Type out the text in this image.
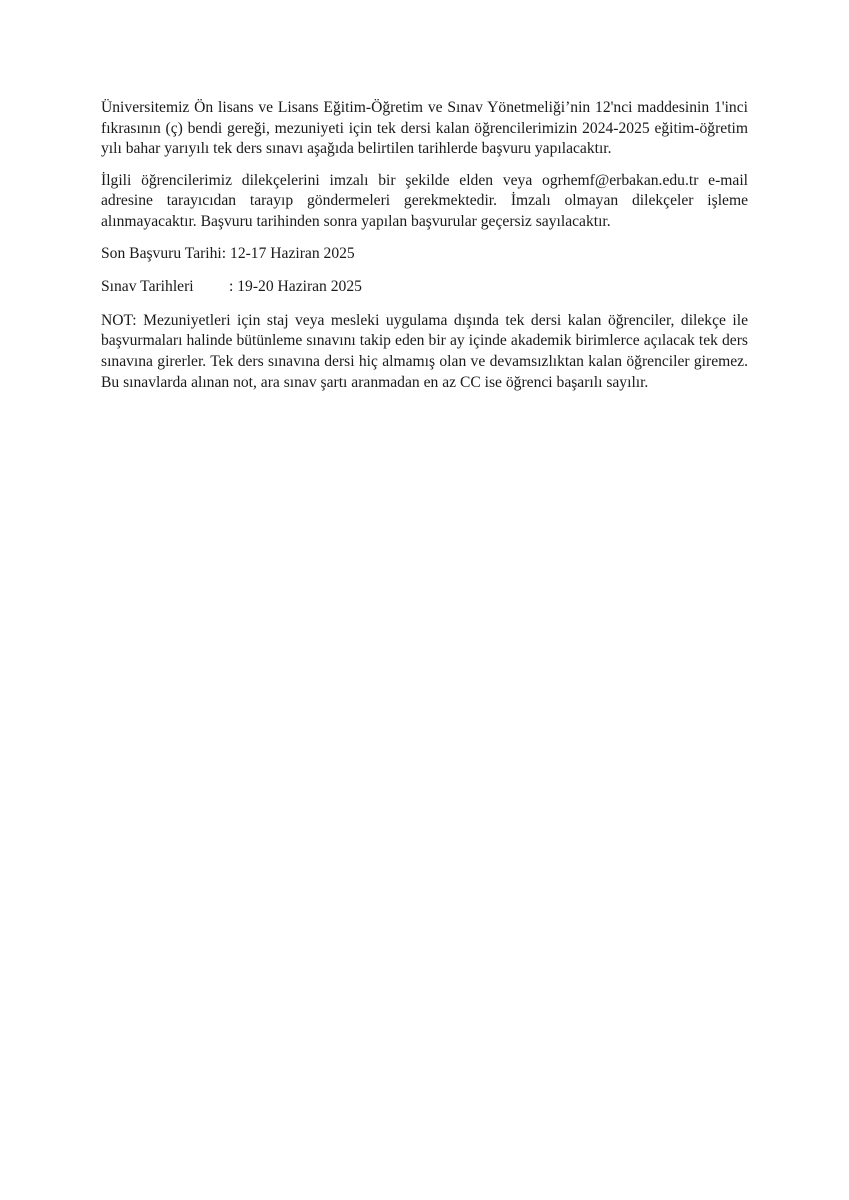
Üniversitemiz Ön lisans ve Lisans Eğitim-Öğretim ve Sınav Yönetmeliği’nin 12'nci maddesinin 1'inci fıkrasının (ç) bendi gereği, mezuniyeti için tek dersi kalan öğrencilerimizin 2024-2025 eğitim-öğretim yılı bahar yarıyılı tek ders sınavı aşağıda belirtilen tarihlerde başvuru yapılacaktır.

İlgili öğrencilerimiz dilekçelerini imzalı bir şekilde elden veya ogrhemf@erbakan.edu.tr e-mail adresine tarayıcıdan tarayıp göndermeleri gerekmektedir. İmzalı olmayan dilekçeler işleme alınmayacaktır. Başvuru tarihinden sonra yapılan başvurular geçersiz sayılacaktır.

Son Başvuru Tarihi: 12-17 Haziran 2025
Sınav Tarihleri : 19-20 Haziran 2025

NOT: Mezuniyetleri için staj veya mesleki uygulama dışında tek dersi kalan öğrenciler, dilekçe ile başvurmaları halinde bütünleme sınavını takip eden bir ay içinde akademik birimlerce açılacak tek ders sınavına girerler. Tek ders sınavına dersi hiç almamış olan ve devamsızlıktan kalan öğrenciler giremez. Bu sınavlarda alınan not, ara sınav şartı aranmadan en az CC ise öğrenci başarılı sayılır.
